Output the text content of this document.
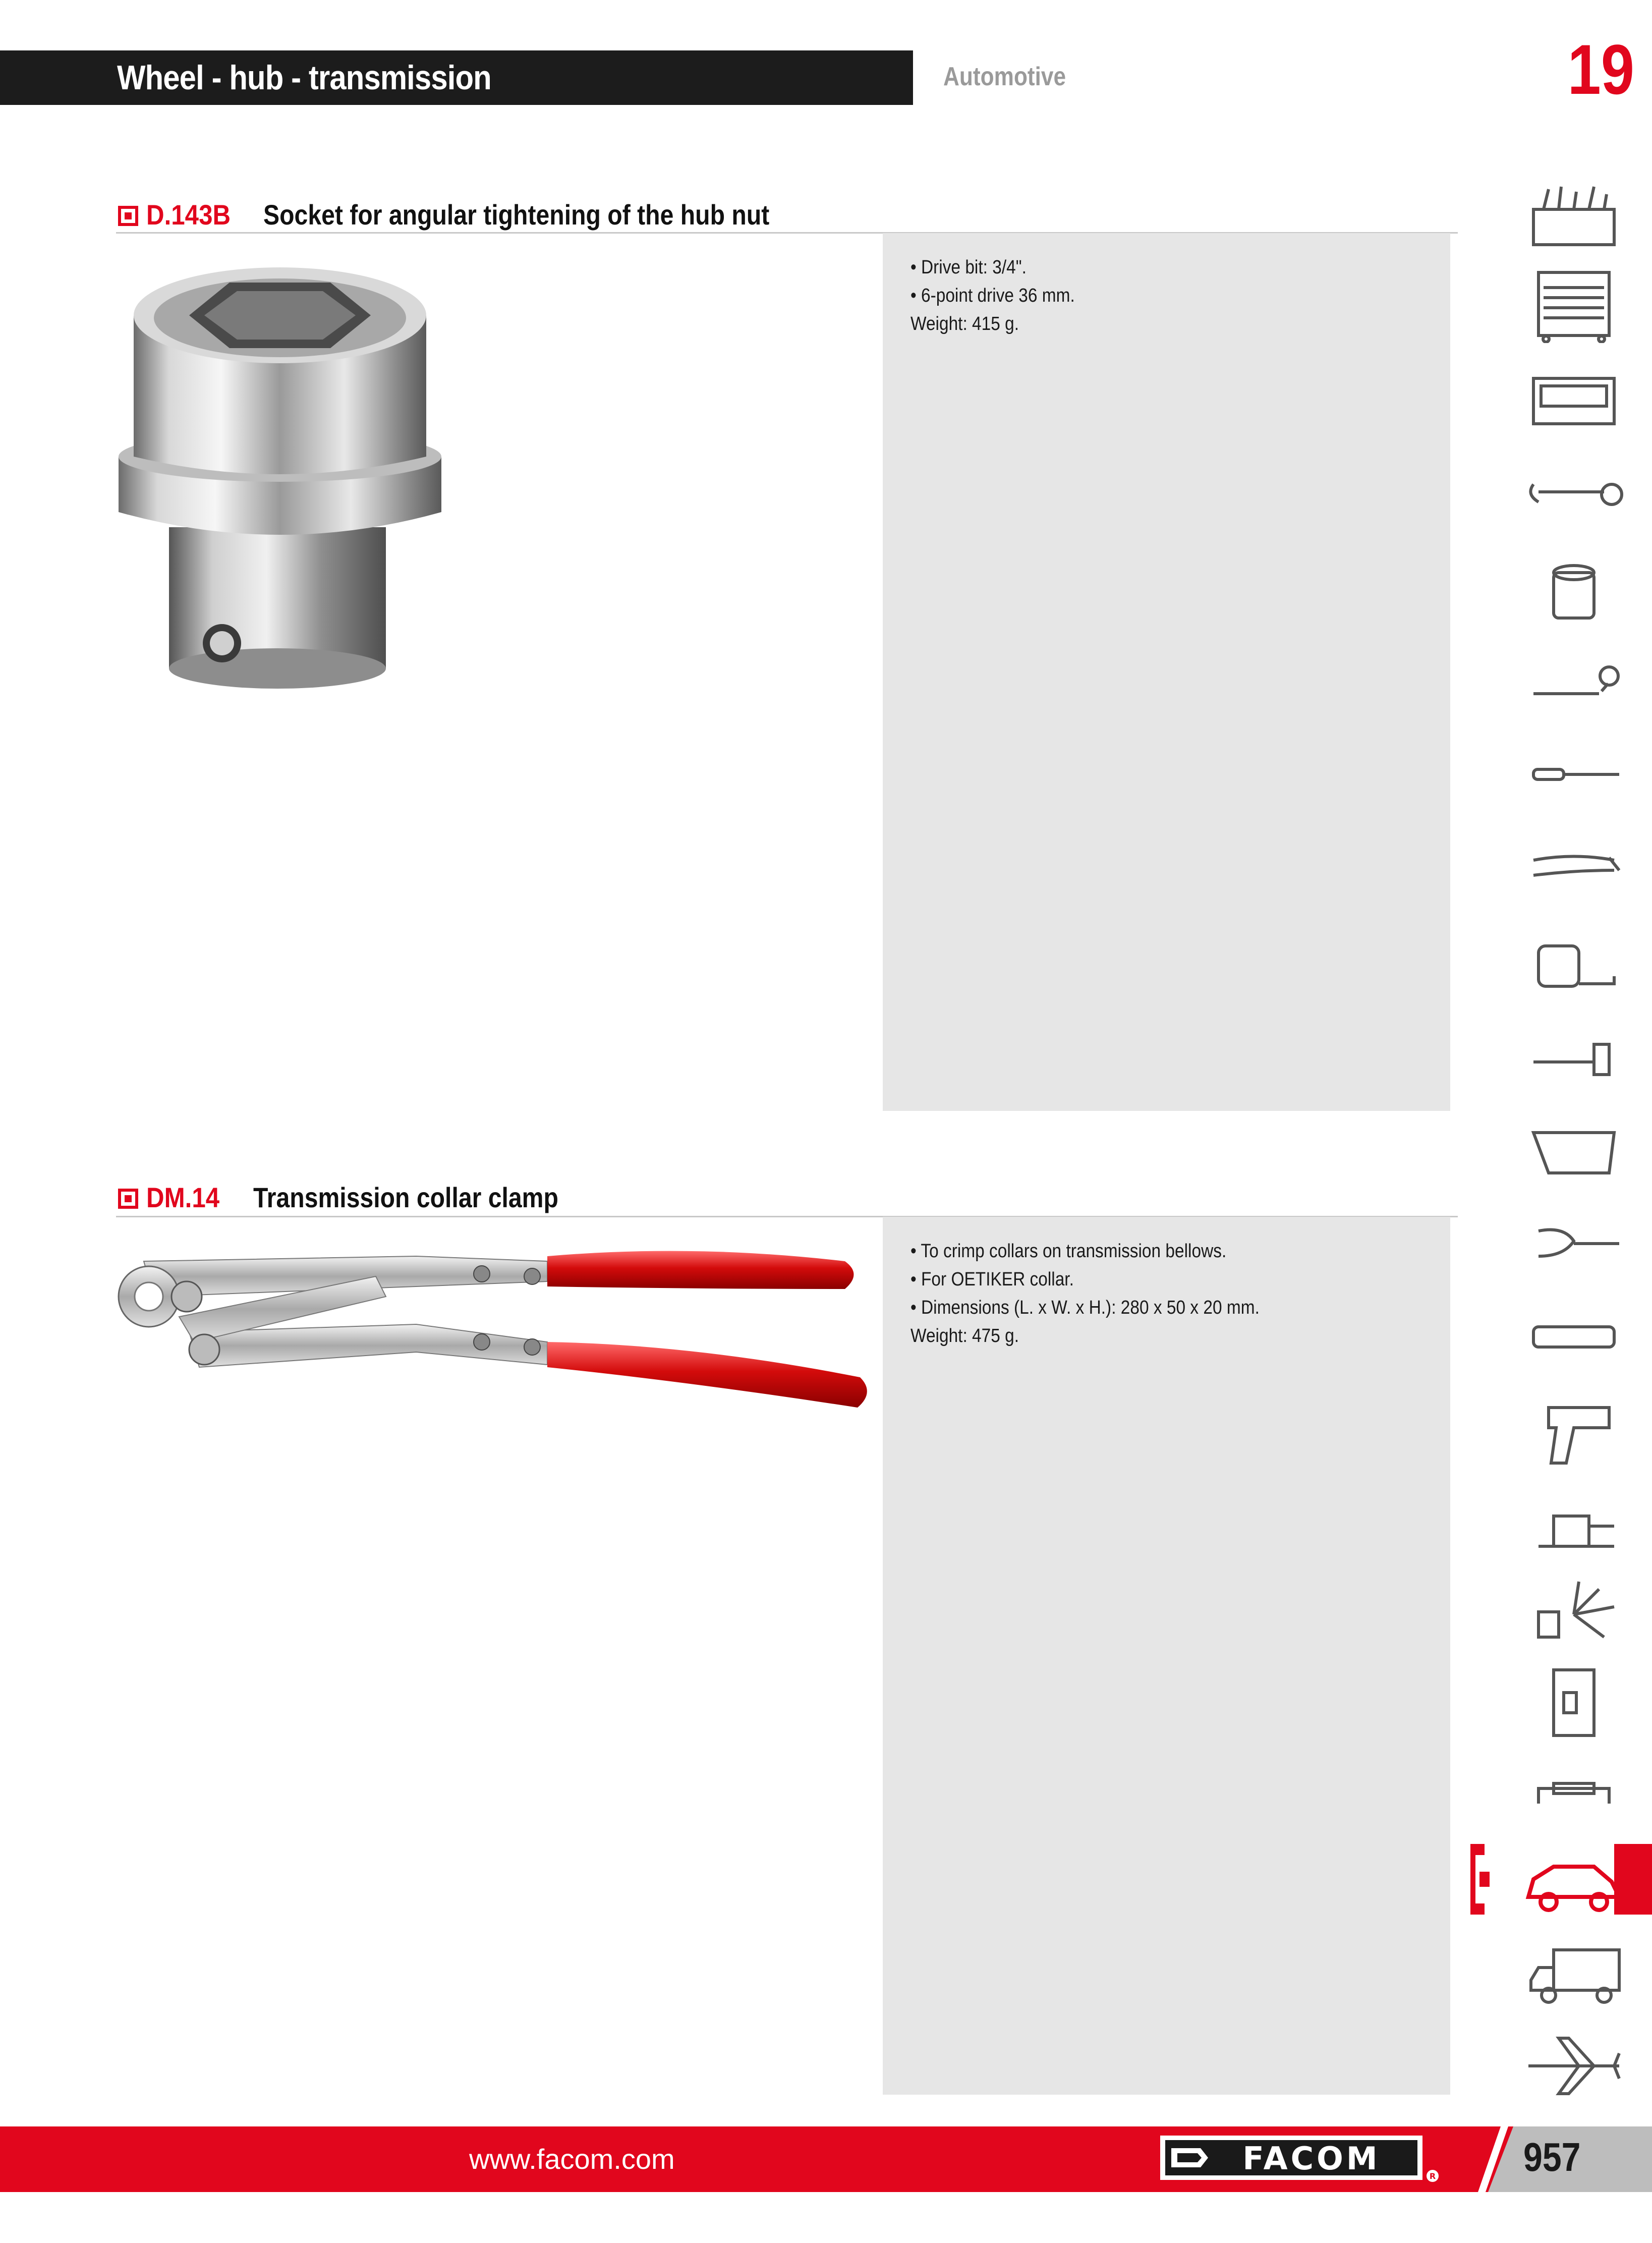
Wheel - hub - transmission	Automotive	19
D.143B Socket for angular tightening of the hub nut
• Drive bit: 3/4".
• 6-point drive 36 mm.
Weight: 415 g.
DM.14 Transmission collar clamp
• To crimp collars on transmission bellows.
• For OETIKER collar.
• Dimensions (L. x W. x H.): 280 x 50 x 20 mm.
Weight: 475 g.
www.facom.com	FACOM	R 957
